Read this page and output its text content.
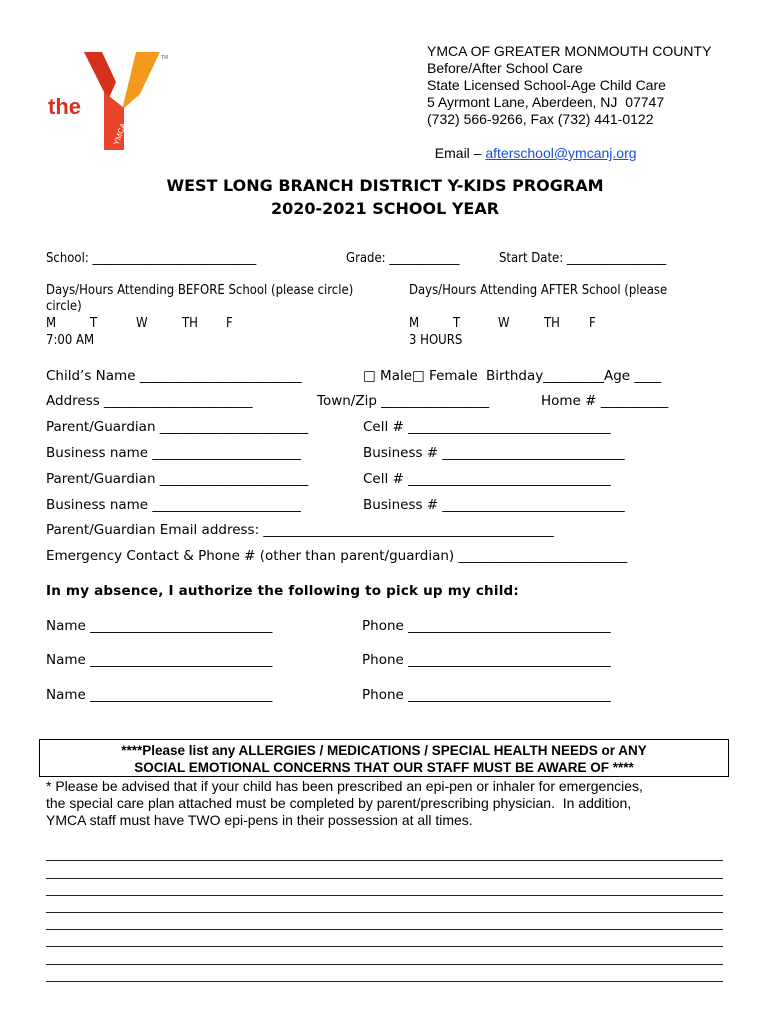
the
TM
YMCA
YMCA OF GREATER MONMOUTH COUNTY
Before/After School Care
State Licensed School-Age Child Care
5 Ayrmont Lane, Aberdeen, NJ  07747
(732) 566-9266, Fax (732) 441-0122

Email – afterschool@ymcanj.org

WEST LONG BRANCH DISTRICT Y-KIDS PROGRAM
2020-2021 SCHOOL YEAR
School: ____________________________	Grade: ____________	Start Date: _________________
Days/Hours Attending BEFORE School (please circle)
circle)
M	T	W	TH F
7:00 AM
Days/Hours Attending AFTER School (please
M	T	W	TH F
3 HOURS
Child’s Name ________________________	□ Male □ Female Birthday_________Age ____
Address ______________________	Town/Zip ________________	Home # __________
Parent/Guardian ______________________	Cell # ______________________________
Business name ______________________	Business # ___________________________
Parent/Guardian ______________________	Cell # ______________________________
Business name ______________________	Business # ___________________________
Parent/Guardian Email address: ___________________________________________
Emergency Contact & Phone # (other than parent/guardian) _________________________
In my absence, I authorize the following to pick up my child:
Name ___________________________	Phone ______________________________
Name ___________________________	Phone ______________________________
Name ___________________________	Phone ______________________________
****Please list any ALLERGIES / MEDICATIONS / SPECIAL HEALTH NEEDS or ANY
SOCIAL EMOTIONAL CONCERNS THAT OUR STAFF MUST BE AWARE OF ****
* Please be advised that if your child has been prescribed an epi-pen or inhaler for emergencies,
the special care plan attached must be completed by parent/prescribing physician.  In addition,
YMCA staff must have TWO epi-pens in their possession at all times.
